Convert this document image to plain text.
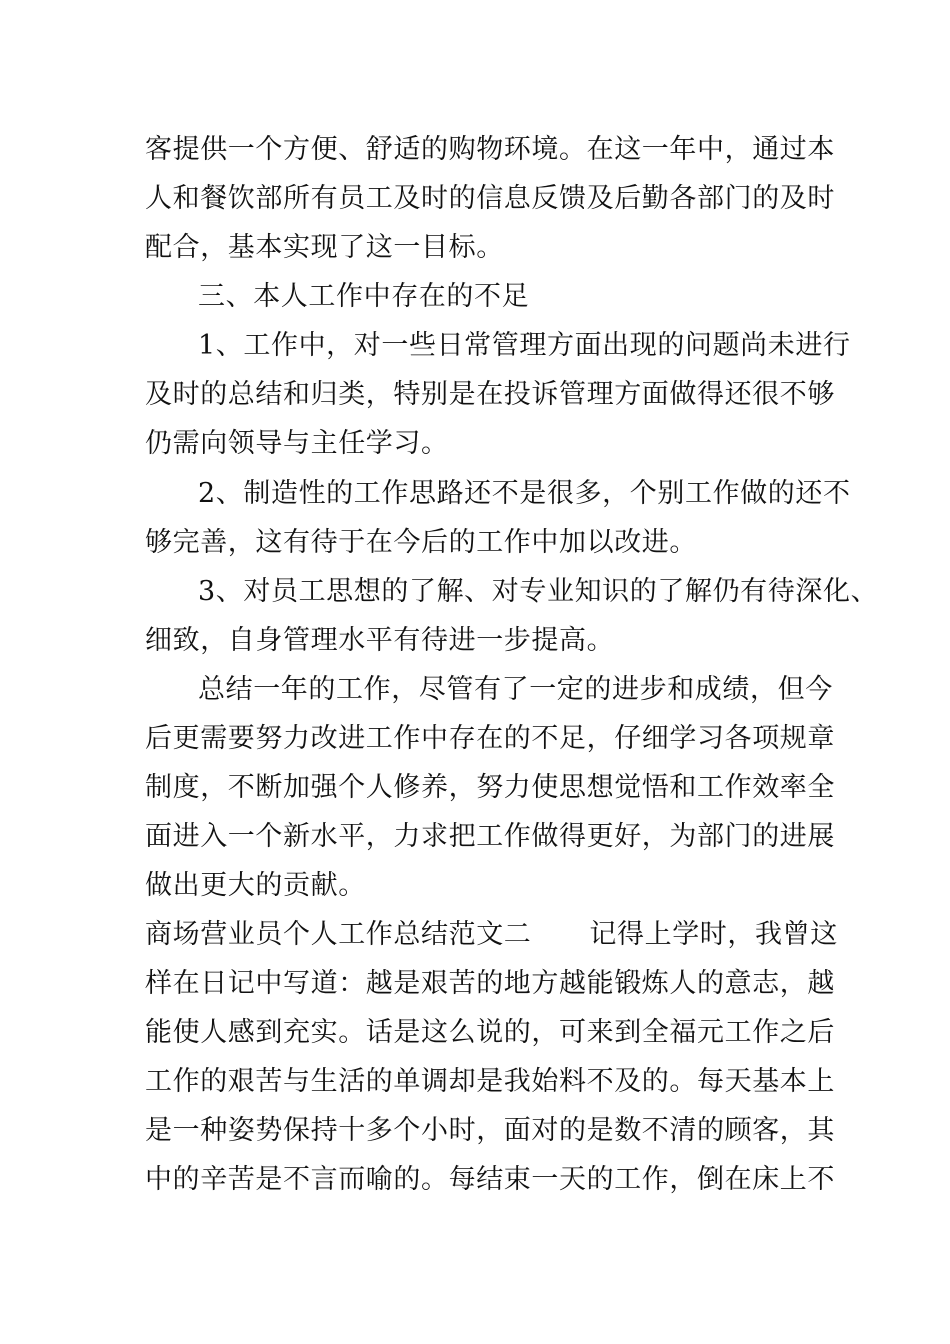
客提供一个方便、舒适的购物环境。在这一年中，通过本
人和餐饮部所有员工及时的信息反馈及后勤各部门的及时
配合，基本实现了这一目标。
三、本人工作中存在的不足
1、工作中，对一些日常管理方面出现的问题尚未进行
及时的总结和归类，特别是在投诉管理方面做得还很不够
仍需向领导与主任学习。
2、制造性的工作思路还不是很多，个别工作做的还不
够完善，这有待于在今后的工作中加以改进。
3、对员工思想的了解、对专业知识的了解仍有待深化、
细致，自身管理水平有待进一步提高。
总结一年的工作，尽管有了一定的进步和成绩，但今
后更需要努力改进工作中存在的不足，仔细学习各项规章
制度，不断加强个人修养，努力使思想觉悟和工作效率全
面进入一个新水平，力求把工作做得更好，为部门的进展
做出更大的贡献。
商场营业员个人工作总结范文二 记得上学时，我曾这
样在日记中写道：越是艰苦的地方越能锻炼人的意志，越
能使人感到充实。话是这么说的，可来到全福元工作之后
工作的艰苦与生活的单调却是我始料不及的。每天基本上
是一种姿势保持十多个小时，面对的是数不清的顾客，其
中的辛苦是不言而喻的。每结束一天的工作，倒在床上不
